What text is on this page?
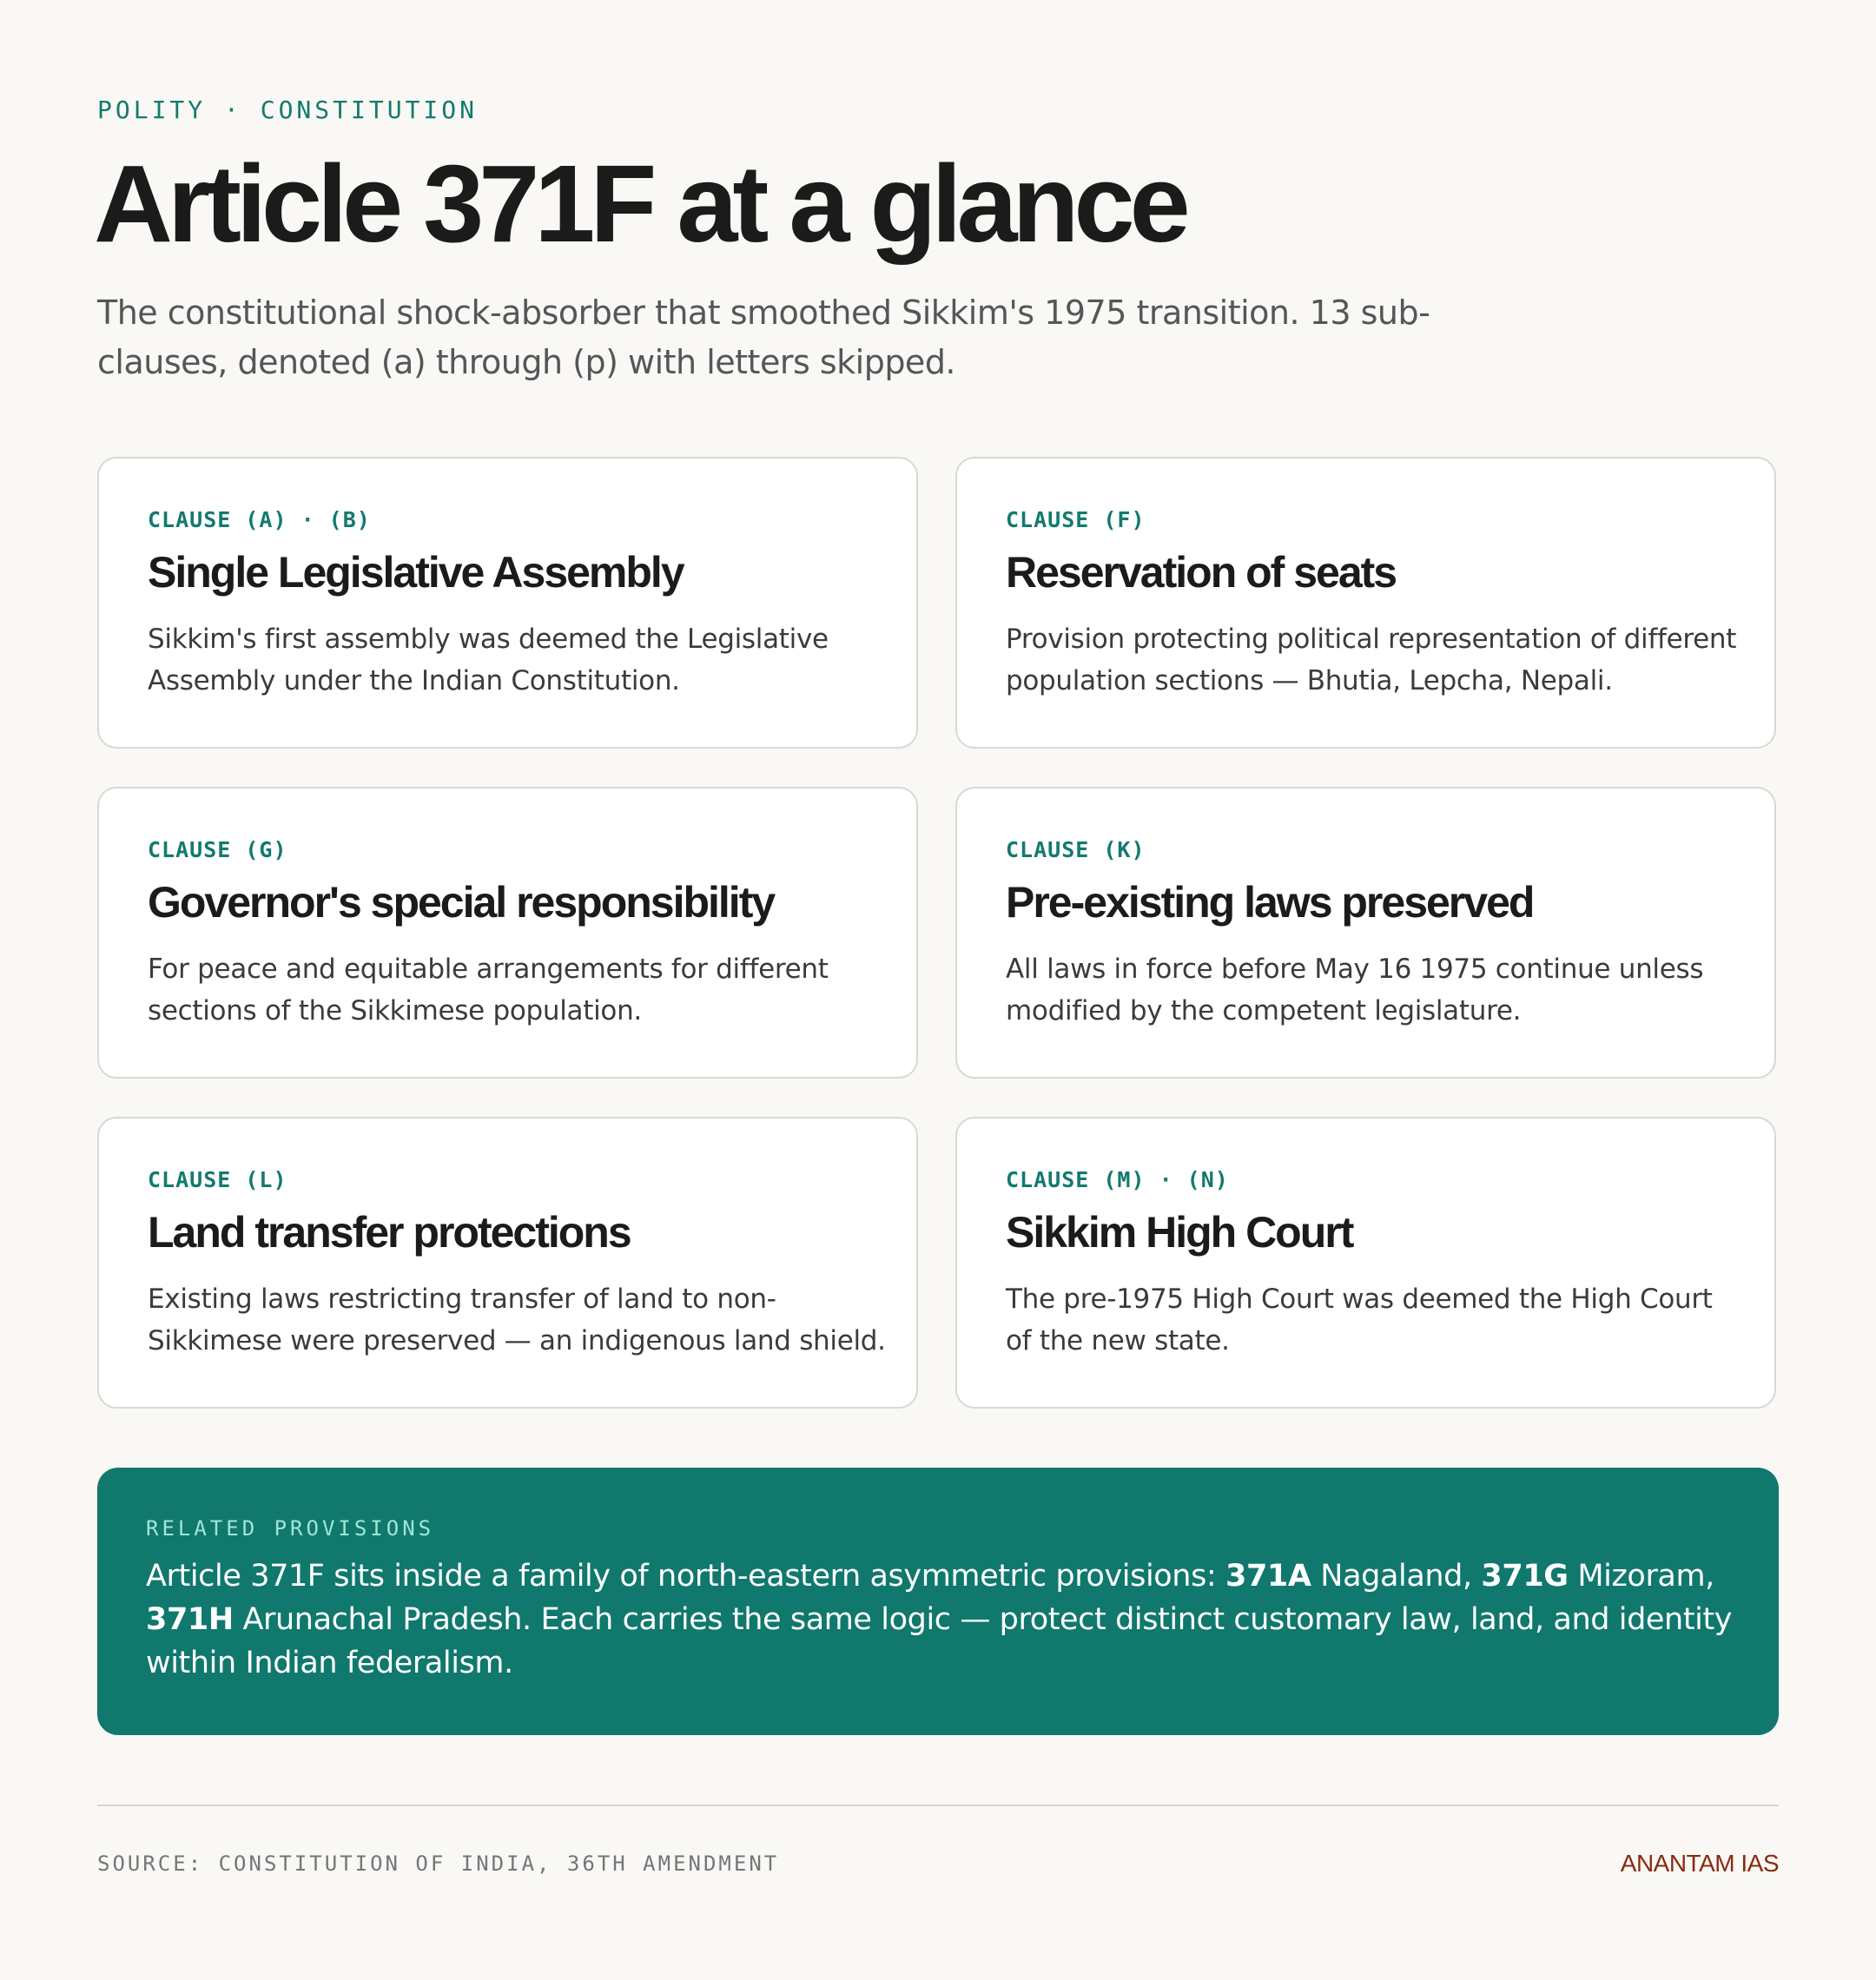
POLITY · CONSTITUTION
Article 371F at a glance
The constitutional shock-absorber that smoothed Sikkim's 1975 transition. 13 sub-clauses, denoted (a) through (p) with letters skipped.
CLAUSE (A) · (B)
Single Legislative Assembly
Sikkim's first assembly was deemed the Legislative Assembly under the Indian Constitution.
CLAUSE (F)
Reservation of seats
Provision protecting political representation of different population sections — Bhutia, Lepcha, Nepali.
CLAUSE (G)
Governor's special responsibility
For peace and equitable arrangements for different sections of the Sikkimese population.
CLAUSE (K)
Pre-existing laws preserved
All laws in force before May 16 1975 continue unless modified by the competent legislature.
CLAUSE (L)
Land transfer protections
Existing laws restricting transfer of land to non-Sikkimese were preserved — an indigenous land shield.
CLAUSE (M) · (N)
Sikkim High Court
The pre-1975 High Court was deemed the High Court of the new state.
RELATED PROVISIONS
Article 371F sits inside a family of north-eastern asymmetric provisions: 371A Nagaland, 371G Mizoram, 371H Arunachal Pradesh. Each carries the same logic — protect distinct customary law, land, and identity within Indian federalism.
SOURCE: CONSTITUTION OF INDIA, 36TH AMENDMENT	ANANTAM IAS
